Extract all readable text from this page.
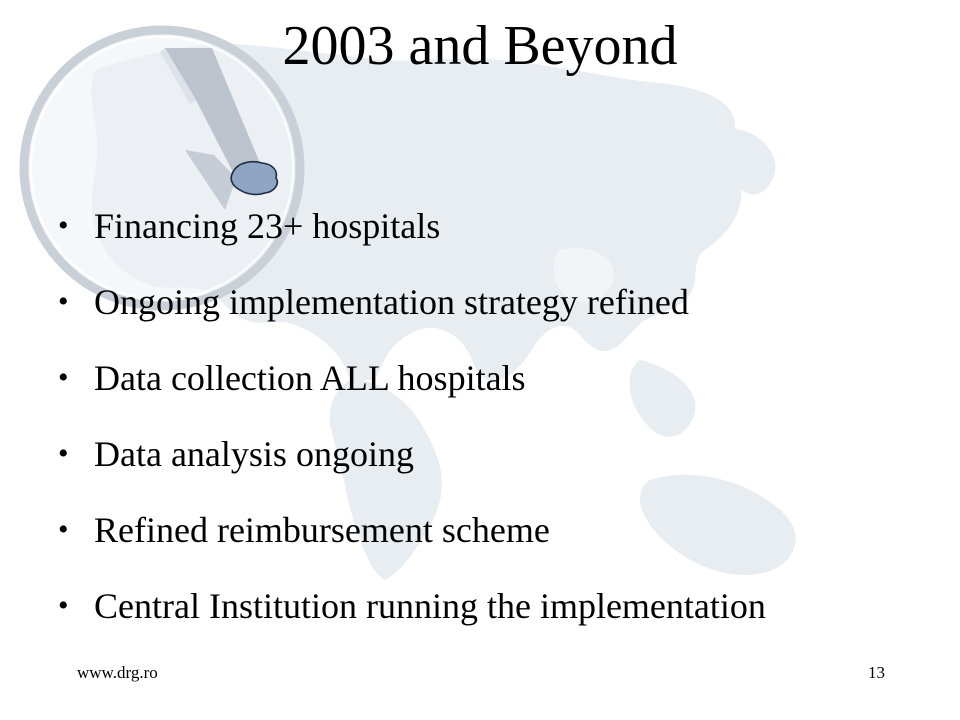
2003 and Beyond
• Financing 23+ hospitals
• Ongoing implementation strategy refined
• Data collection ALL hospitals
• Data analysis ongoing
• Refined reimbursement scheme
• Central Institution running the implementation
www.drg.ro	13
